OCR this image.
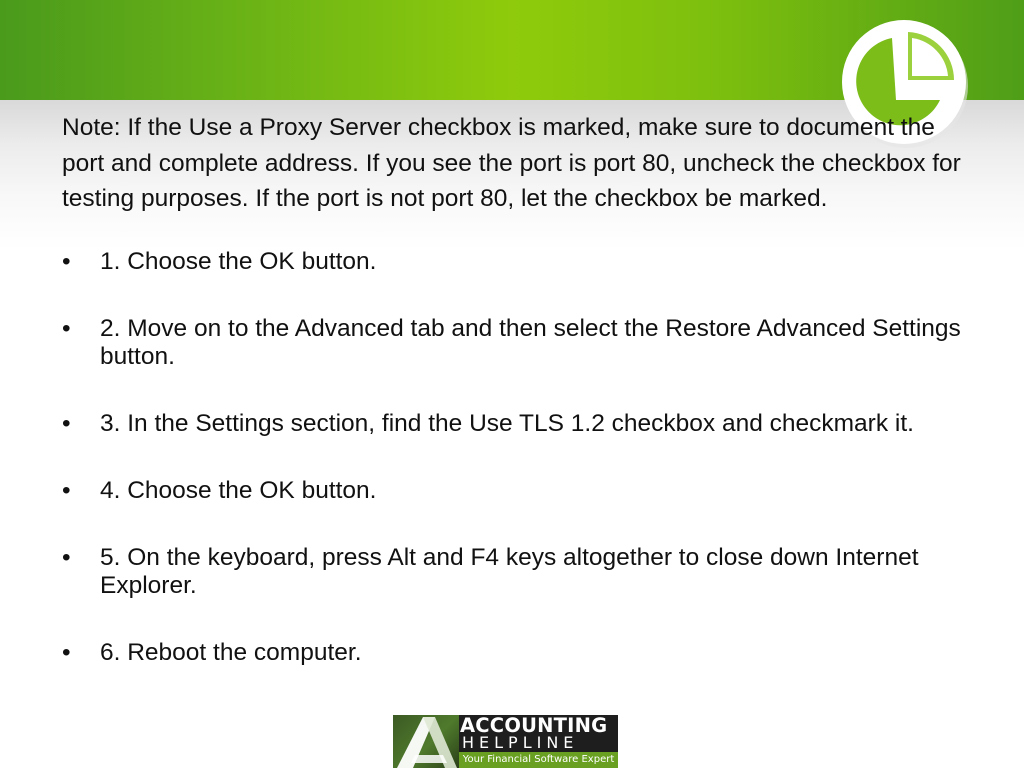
Note: If the Use a Proxy Server checkbox is marked, make sure to document the port and complete address. If you see the port is port 80, uncheck the checkbox for testing purposes. If the port is not port 80, let the checkbox be marked.

•	1. Choose the OK button.
•	2. Move on to the Advanced tab and then select the Restore Advanced Settings button.
•	3. In the Settings section, find the Use TLS 1.2 checkbox and checkmark it.
•	4. Choose the OK button.
•	5. On the keyboard, press Alt and F4 keys altogether to close down Internet Explorer.
•	6. Reboot the computer.
ACCOUNTING
HELPLINE
Your Financial Software Expert
